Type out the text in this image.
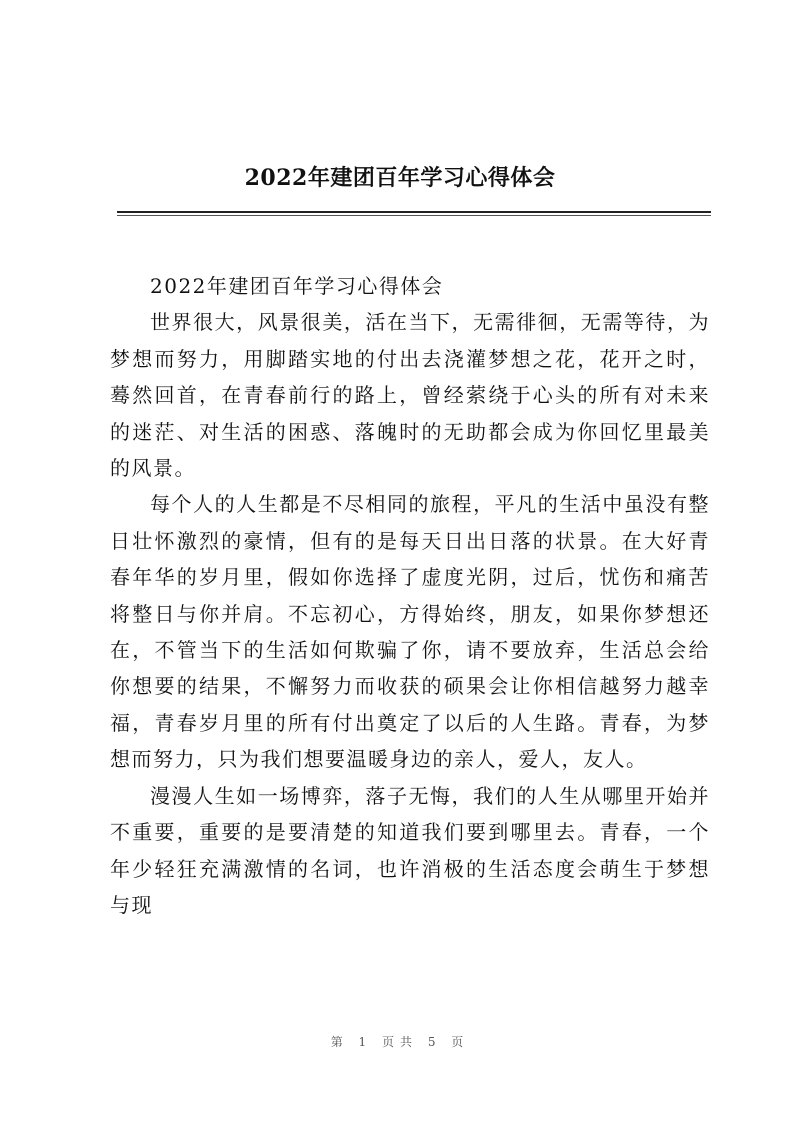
2022年建团百年学习心得体会

2022年建团百年学习心得体会

世界很大，风景很美，活在当下，无需徘徊，无需等待，为梦想而努力，用脚踏实地的付出去浇灌梦想之花，花开之时，蓦然回首，在青春前行的路上，曾经萦绕于心头的所有对未来的迷茫、对生活的困惑、落魄时的无助都会成为你回忆里最美的风景。

每个人的人生都是不尽相同的旅程，平凡的生活中虽没有整日壮怀激烈的豪情，但有的是每天日出日落的状景。在大好青春年华的岁月里，假如你选择了虚度光阴，过后，忧伤和痛苦将整日与你并肩。不忘初心，方得始终，朋友，如果你梦想还在，不管当下的生活如何欺骗了你，请不要放弃，生活总会给你想要的结果，不懈努力而收获的硕果会让你相信越努力越幸福，青春岁月里的所有付出奠定了以后的人生路。青春，为梦想而努力，只为我们想要温暖身边的亲人，爱人，友人。

漫漫人生如一场博弈，落子无悔，我们的人生从哪里开始并不重要，重要的是要清楚的知道我们要到哪里去。青春，一个年少轻狂充满激情的名词，也许消极的生活态度会萌生于梦想与现

第 1 页共 5 页
